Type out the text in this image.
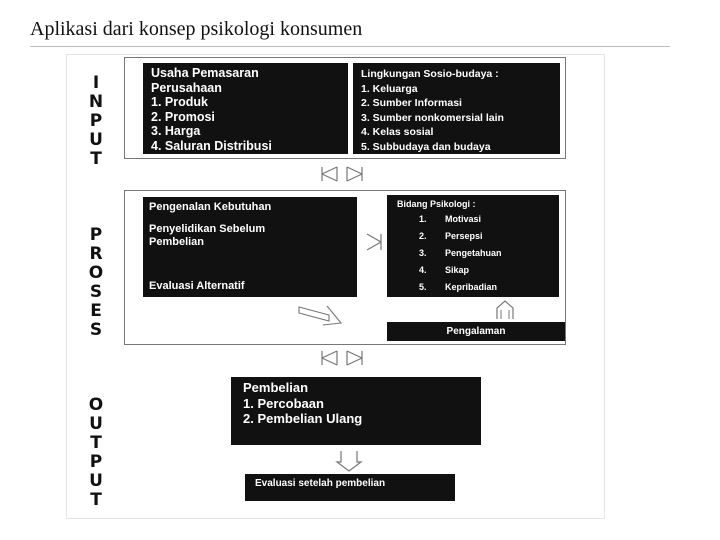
Aplikasi dari konsep psikologi konsumen
I
N
P
U
T
P
R
O
S
E
S
O
U
T
P
U
T
Usaha Pemasaran
Perusahaan
1. Produk
2. Promosi
3. Harga
4. Saluran Distribusi
Lingkungan Sosio-budaya :
1. Keluarga
2. Sumber Informasi
3. Sumber nonkomersial lain
4. Kelas sosial
5. Subbudaya dan budaya
Pengenalan Kebutuhan
Penyelidikan Sebelum Pembelian
Evaluasi Alternatif
Bidang Psikologi :
1.	Motivasi
2.	Persepsi
3.	Pengetahuan
4.	Sikap
5.	Kepribadian
Pengalaman
Pembelian
1. Percobaan
2. Pembelian Ulang
Evaluasi setelah pembelian
